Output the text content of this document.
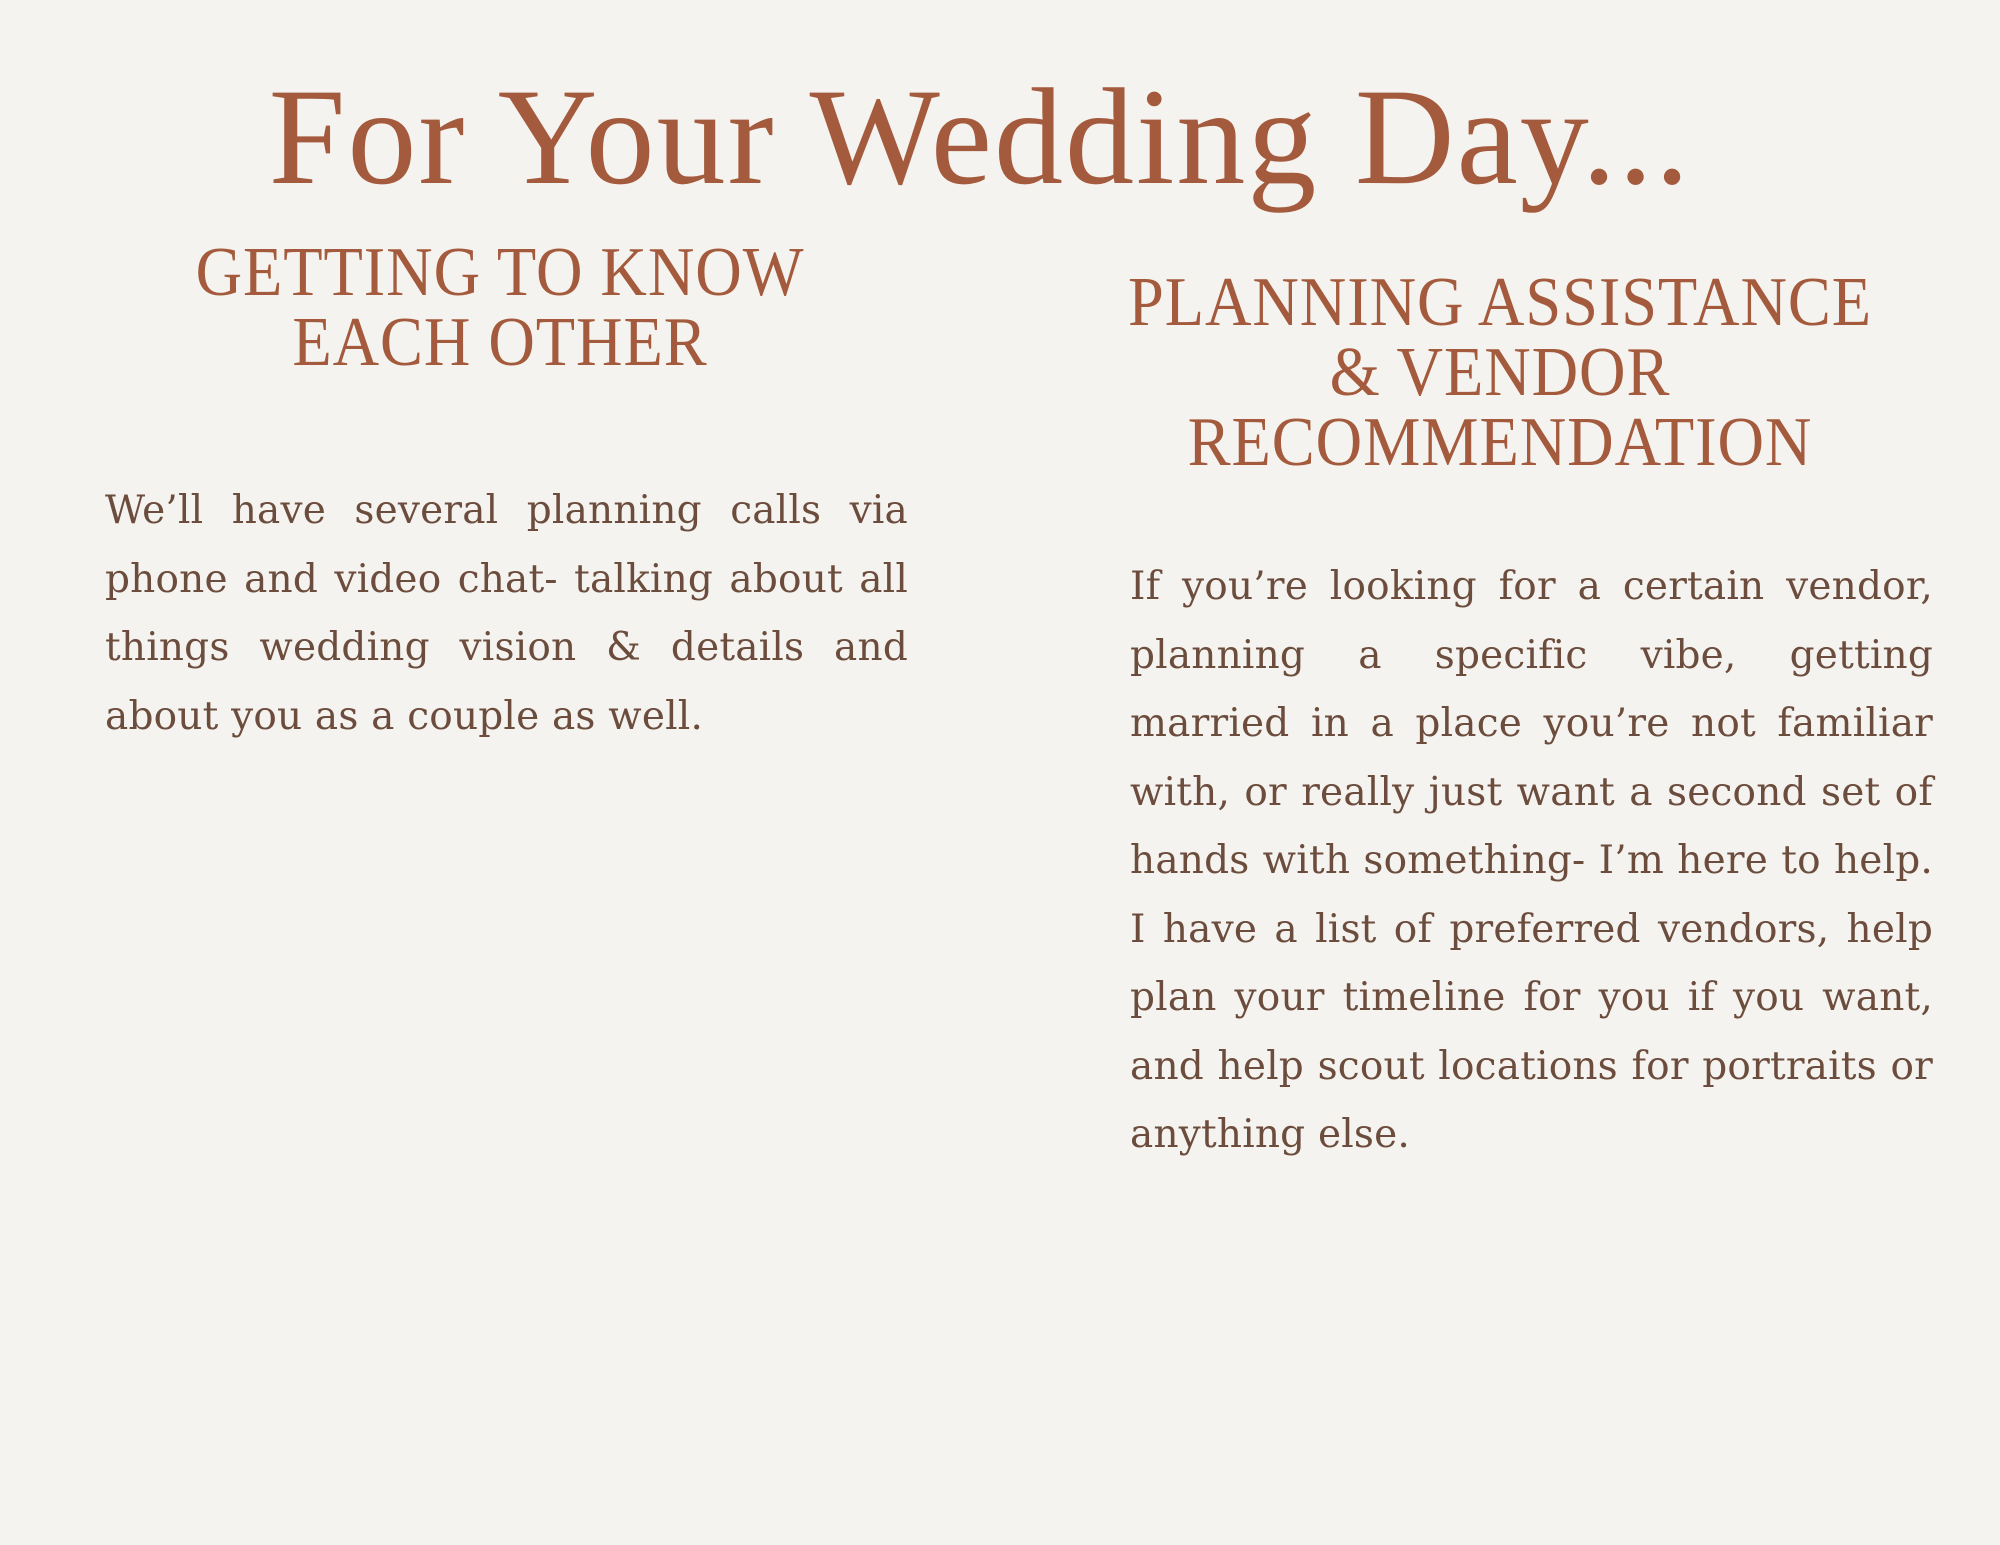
For Your Wedding Day...
GETTING TO KNOW
EACH OTHER

We’ll have several planning calls via phone and video chat- talking about all things wedding vision & details and about you as a couple as well.

PLANNING ASSISTANCE
& VENDOR
RECOMMENDATION

If you’re looking for a certain vendor, planning a specific vibe, getting married in a place you’re not familiar with, or really just want a second set of hands with something- I’m here to help. I have a list of preferred vendors, help plan your timeline for you if you want, and help scout locations for portraits or anything else.
